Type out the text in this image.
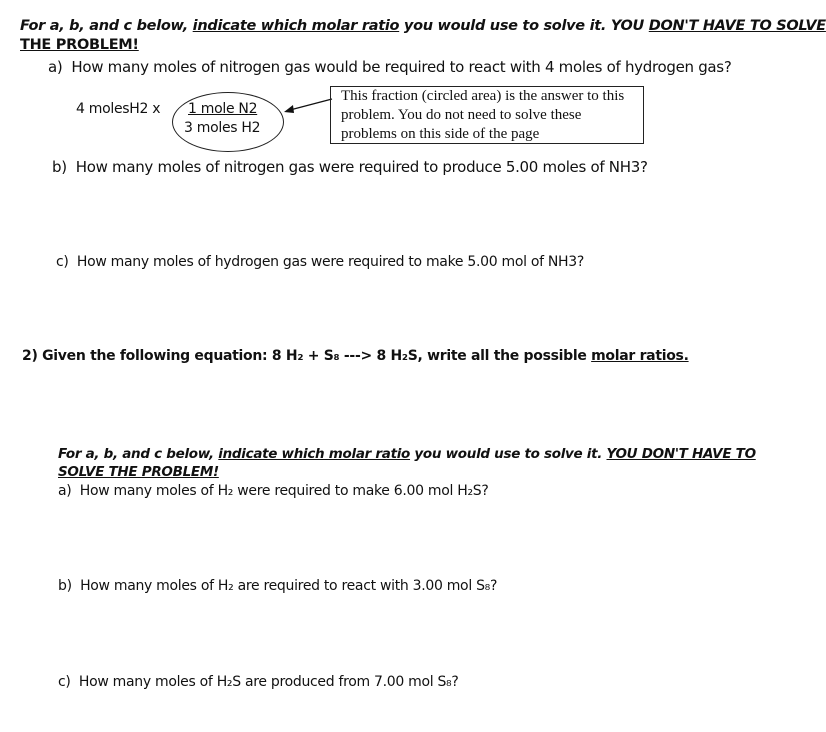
For a, b, and c below, indicate which molar ratio you would use to solve it. YOU DON'T HAVE TO SOLVE
THE PROBLEM!
a) How many moles of nitrogen gas would be required to react with 4 moles of hydrogen gas?
4 molesH2 x 1 mole N2
3 moles H2
This fraction (circled area) is the answer to this
problem. You do not need to solve these
problems on this side of the page
b) How many moles of nitrogen gas were required to produce 5.00 moles of NH3?
c) How many moles of hydrogen gas were required to make 5.00 mol of NH3?
2) Given the following equation: 8 H₂ + S₈ ---> 8 H₂S, write all the possible molar ratios.
For a, b, and c below, indicate which molar ratio you would use to solve it. YOU DON'T HAVE TO
SOLVE THE PROBLEM!
a) How many moles of H₂ were required to make 6.00 mol H₂S?
b) How many moles of H₂ are required to react with 3.00 mol S₈?
c) How many moles of H₂S are produced from 7.00 mol S₈?
